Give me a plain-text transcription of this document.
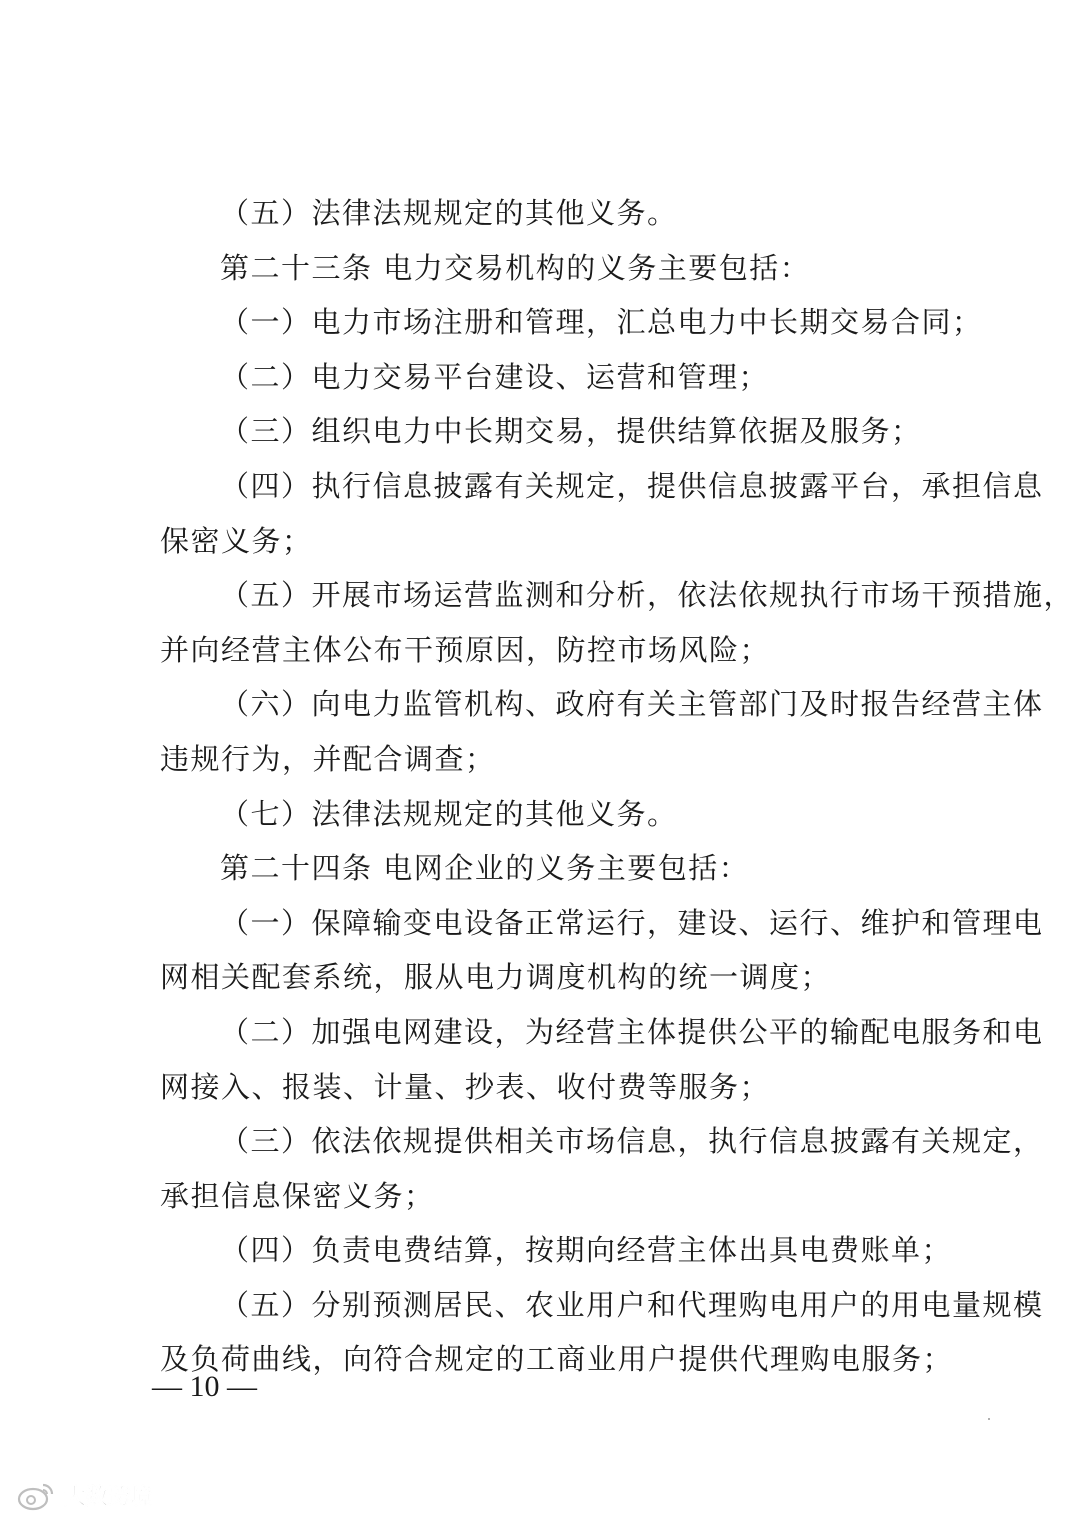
（五）法律法规规定的其他义务。
第二十三条 电力交易机构的义务主要包括：
（一）电力市场注册和管理，汇总电力中长期交易合同；
（二）电力交易平台建设、运营和管理；
（三）组织电力中长期交易，提供结算依据及服务；
（四）执行信息披露有关规定，提供信息披露平台，承担信息
保密义务；
（五）开展市场运营监测和分析，依法依规执行市场干预措施，
并向经营主体公布干预原因，防控市场风险；
（六）向电力监管机构、政府有关主管部门及时报告经营主体
违规行为，并配合调查；
（七）法律法规规定的其他义务。
第二十四条 电网企业的义务主要包括：
（一）保障输变电设备正常运行，建设、运行、维护和管理电
网相关配套系统，服从电力调度机构的统一调度；
（二）加强电网建设，为经营主体提供公平的输配电服务和电
网接入、报装、计量、抄表、收付费等服务；
（三）依法依规提供相关市场信息，执行信息披露有关规定，
承担信息保密义务；
（四）负责电费结算，按期向经营主体出具电费账单；
（五）分别预测居民、农业用户和代理购电用户的用电量规模
及负荷曲线，向符合规定的工商业用户提供代理购电服务；
— 10 —
大数跨境
